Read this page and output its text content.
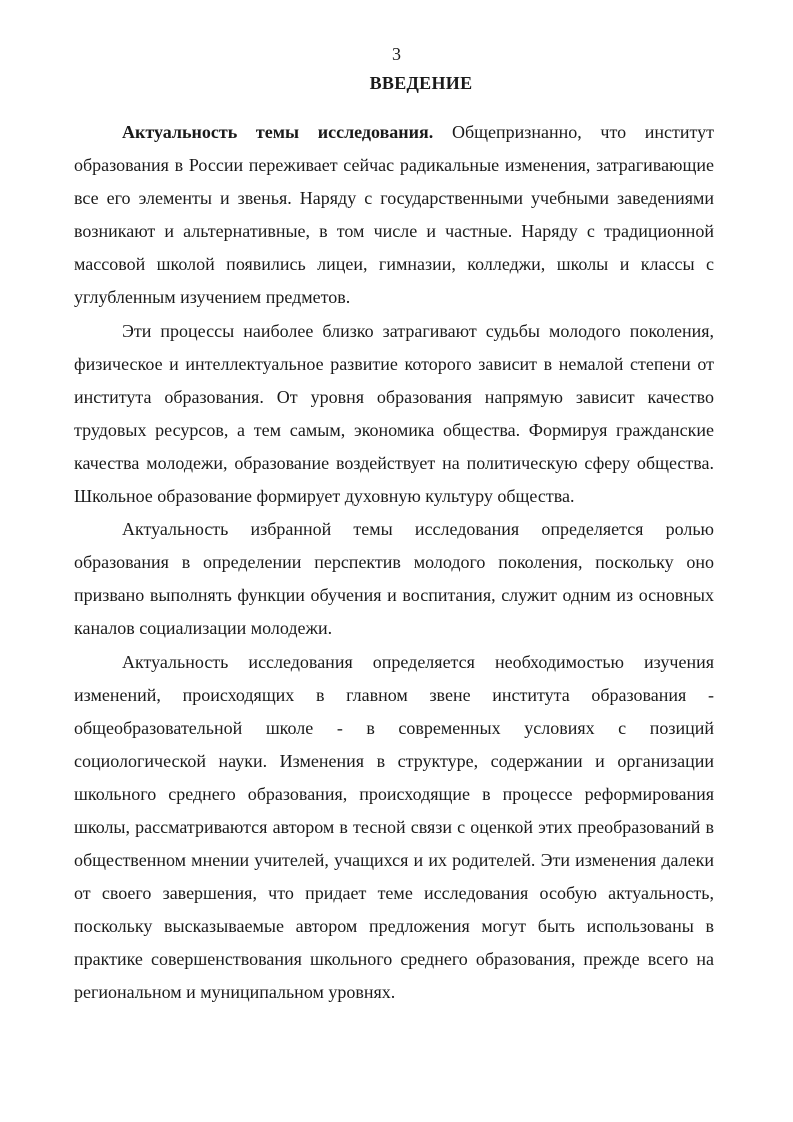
3
ВВЕДЕНИЕ

Актуальность темы исследования. Общепризнанно, что институт образования в России переживает сейчас радикальные изменения, затрагивающие все его элементы и звенья. Наряду с государственными учебными заведениями возникают и альтернативные, в том числе и частные. Наряду с традиционной массовой школой появились лицеи, гимназии, колледжи, школы и классы с углубленным изучением предметов.

Эти процессы наиболее близко затрагивают судьбы молодого поколения, физическое и интеллектуальное развитие которого зависит в немалой степени от института образования. От уровня образования напрямую зависит качество трудовых ресурсов, а тем самым, экономика общества. Формируя гражданские качества молодежи, образование воздействует на политическую сферу общества. Школьное образование формирует духовную культуру общества.

Актуальность избранной темы исследования определяется ролью образования в определении перспектив молодого поколения, поскольку оно призвано выполнять функции обучения и воспитания, служит одним из основных каналов социализации молодежи.

Актуальность исследования определяется необходимостью изучения изменений, происходящих в главном звене института образования - общеобразовательной школе - в современных условиях с позиций социологической науки. Изменения в структуре, содержании и организации школьного среднего образования, происходящие в процессе реформирования школы, рассматриваются автором в тесной связи с оценкой этих преобразований в общественном мнении учителей, учащихся и их родителей. Эти изменения далеки от своего завершения, что придает теме исследования особую актуальность, поскольку высказываемые автором предложения могут быть использованы в практике совершенствования школьного среднего образования, прежде всего на региональном и муниципальном уровнях.
